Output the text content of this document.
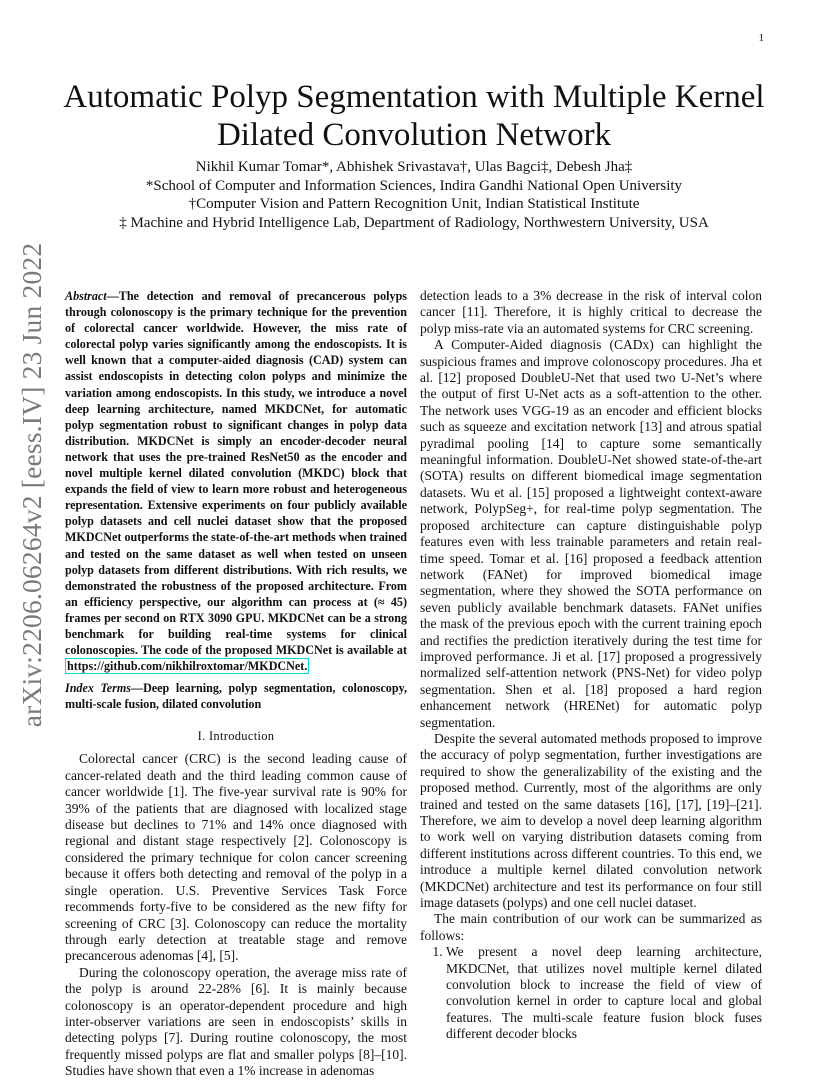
1
arXiv:2206.06264v2 [eess.IV] 23 Jun 2022
Automatic Polyp Segmentation with Multiple Kernel Dilated Convolution Network
Nikhil Kumar Tomar*, Abhishek Srivastava†, Ulas Bagci‡, Debesh Jha‡
*School of Computer and Information Sciences, Indira Gandhi National Open University
†Computer Vision and Pattern Recognition Unit, Indian Statistical Institute
‡ Machine and Hybrid Intelligence Lab, Department of Radiology, Northwestern University, USA

Abstract—The detection and removal of precancerous polyps through colonoscopy is the primary technique for the prevention of colorectal cancer worldwide. However, the miss rate of colorectal polyp varies significantly among the endoscopists. It is well known that a computer-aided diagnosis (CAD) system can assist endoscopists in detecting colon polyps and minimize the variation among endoscopists. In this study, we introduce a novel deep learning architecture, named MKDCNet, for automatic polyp segmentation robust to significant changes in polyp data distribution. MKDCNet is simply an encoder-decoder neural network that uses the pre-trained ResNet50 as the encoder and novel multiple kernel dilated convolution (MKDC) block that expands the field of view to learn more robust and heterogeneous representation. Extensive experiments on four publicly available polyp datasets and cell nuclei dataset show that the proposed MKDCNet outperforms the state-of-the-art methods when trained and tested on the same dataset as well when tested on unseen polyp datasets from different distributions. With rich results, we demonstrated the robustness of the proposed architecture. From an efficiency perspective, our algorithm can process at (≈ 45) frames per second on RTX 3090 GPU. MKDCNet can be a strong benchmark for building real-time systems for clinical colonoscopies. The code of the proposed MKDCNet is available at https://github.com/nikhilroxtomar/MKDCNet.

Index Terms—Deep learning, polyp segmentation, colonoscopy, multi-scale fusion, dilated convolution

I. Introduction

Colorectal cancer (CRC) is the second leading cause of cancer-related death and the third leading common cause of cancer worldwide [1]. The five-year survival rate is 90% for 39% of the patients that are diagnosed with localized stage disease but declines to 71% and 14% once diagnosed with regional and distant stage respectively [2]. Colonoscopy is considered the primary technique for colon cancer screening because it offers both detecting and removal of the polyp in a single operation. U.S. Preventive Services Task Force recommends forty-five to be considered as the new fifty for screening of CRC [3]. Colonoscopy can reduce the mortality through early detection at treatable stage and remove precancerous adenomas [4], [5].

During the colonoscopy operation, the average miss rate of the polyp is around 22-28% [6]. It is mainly because colonoscopy is an operator-dependent procedure and high inter-observer variations are seen in endoscopists’ skills in detecting polyps [7]. During routine colonoscopy, the most frequently missed polyps are flat and smaller polyps [8]–[10]. Studies have shown that even a 1% increase in adenomas

detection leads to a 3% decrease in the risk of interval colon cancer [11]. Therefore, it is highly critical to decrease the polyp miss-rate via an automated systems for CRC screening.

A Computer-Aided diagnosis (CADx) can highlight the suspicious frames and improve colonoscopy procedures. Jha et al. [12] proposed DoubleU-Net that used two U-Net’s where the output of first U-Net acts as a soft-attention to the other. The network uses VGG-19 as an encoder and efficient blocks such as squeeze and excitation network [13] and atrous spatial pyradimal pooling [14] to capture some semantically meaningful information. DoubleU-Net showed state-of-the-art (SOTA) results on different biomedical image segmentation datasets. Wu et al. [15] proposed a lightweight context-aware network, PolypSeg+, for real-time polyp segmentation. The proposed architecture can capture distinguishable polyp features even with less trainable parameters and retain real-time speed. Tomar et al. [16] proposed a feedback attention network (FANet) for improved biomedical image segmentation, where they showed the SOTA performance on seven publicly available benchmark datasets. FANet unifies the mask of the previous epoch with the current training epoch and rectifies the prediction iteratively during the test time for improved performance. Ji et al. [17] proposed a progressively normalized self-attention network (PNS-Net) for video polyp segmentation. Shen et al. [18] proposed a hard region enhancement network (HRENet) for automatic polyp segmentation.

Despite the several automated methods proposed to improve the accuracy of polyp segmentation, further investigations are required to show the generalizability of the existing and the proposed method. Currently, most of the algorithms are only trained and tested on the same datasets [16], [17], [19]–[21]. Therefore, we aim to develop a novel deep learning algorithm to work well on varying distribution datasets coming from different institutions across different countries. To this end, we introduce a multiple kernel dilated convolution network (MKDCNet) architecture and test its performance on four still image datasets (polyps) and one cell nuclei dataset.

The main contribution of our work can be summarized as follows:

1. We present a novel deep learning architecture, MKDCNet, that utilizes novel multiple kernel dilated convolution block to increase the field of view of convolution kernel in order to capture local and global features. The multi-scale feature fusion block fuses different decoder blocks
